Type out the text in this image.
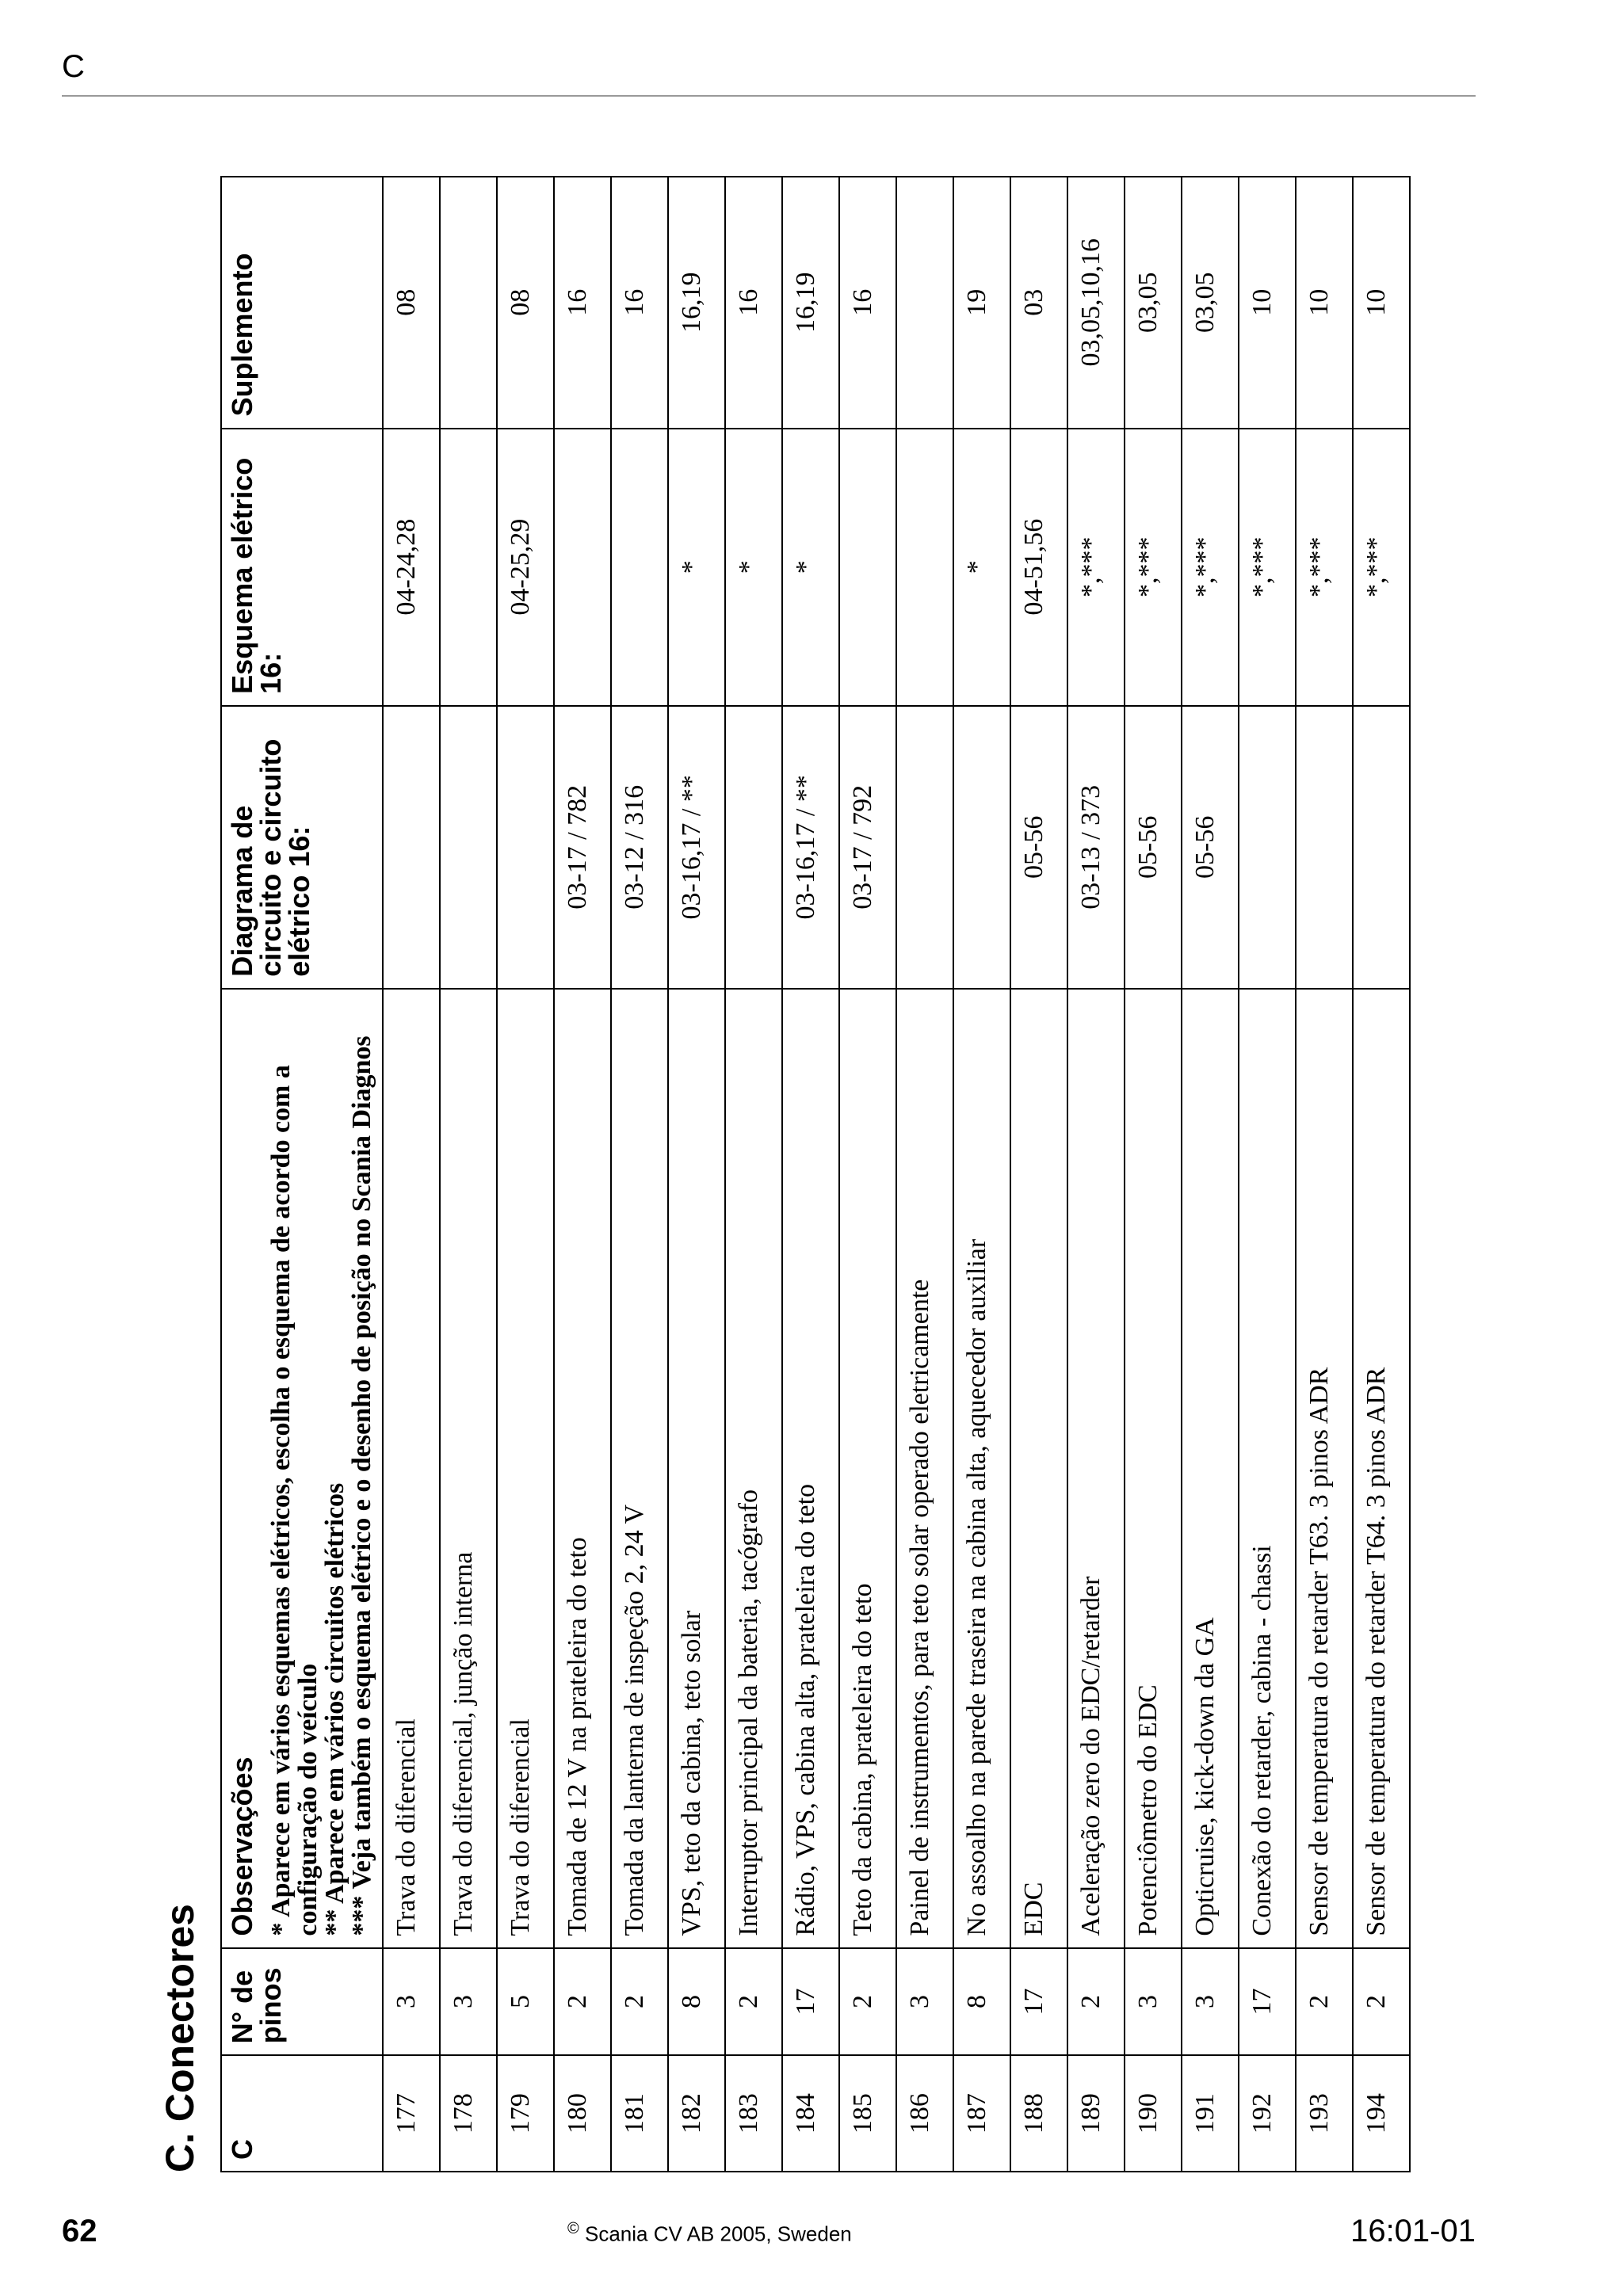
C
C. Conectores C	N° de pinos	Observações * Aparece em vários esquemas elétricos, escolha o esquema de acordo com a
configuração do veículo
** Aparece em vários circuitos elétricos
*** Veja também o esquema elétrico e o desenho de posição no Scania Diagnos	Diagrama de circuito e circuito elétrico 16:	Esquema elétrico 16:	Suplemento
177	3	Trava do diferencial		04-24,28	08
178	3	Trava do diferencial, junção interna			
179	5	Trava do diferencial		04-25,29	08
180	2	Tomada de 12 V na prateleira do teto	03-17 / 782		16
181	2	Tomada da lanterna de inspeção 2, 24 V	03-12 / 316		16
182	8	VPS, teto da cabina, teto solar	03-16,17 / **	*	16,19
183	2	Interruptor principal da bateria, tacógrafo		*	16
184	17	Rádio, VPS, cabina alta, prateleira do teto	03-16,17 / **	*	16,19
185	2	Teto da cabina, prateleira do teto	03-17 / 792		16
186	3	Painel de instrumentos, para teto solar operado eletricamente			
187	8	No assoalho na parede traseira na cabina alta, aquecedor auxiliar		*	19
188	17	EDC	05-56	04-51,56	03
189	2	Aceleração zero do EDC/retarder	03-13 / 373	*,***	03,05,10,16
190	3	Potenciômetro do EDC	05-56	*,***	03,05
191	3	Opticruise, kick-down da GA	05-56	*,***	03,05
192	17	Conexão do retarder, cabina - chassi		*,***	10
193	2	Sensor de temperatura do retarder T63. 3 pinos ADR		*,***	10
194	2	Sensor de temperatura do retarder T64. 3 pinos ADR		*,***	10
62	© Scania CV AB 2005, Sweden	16:01-01
